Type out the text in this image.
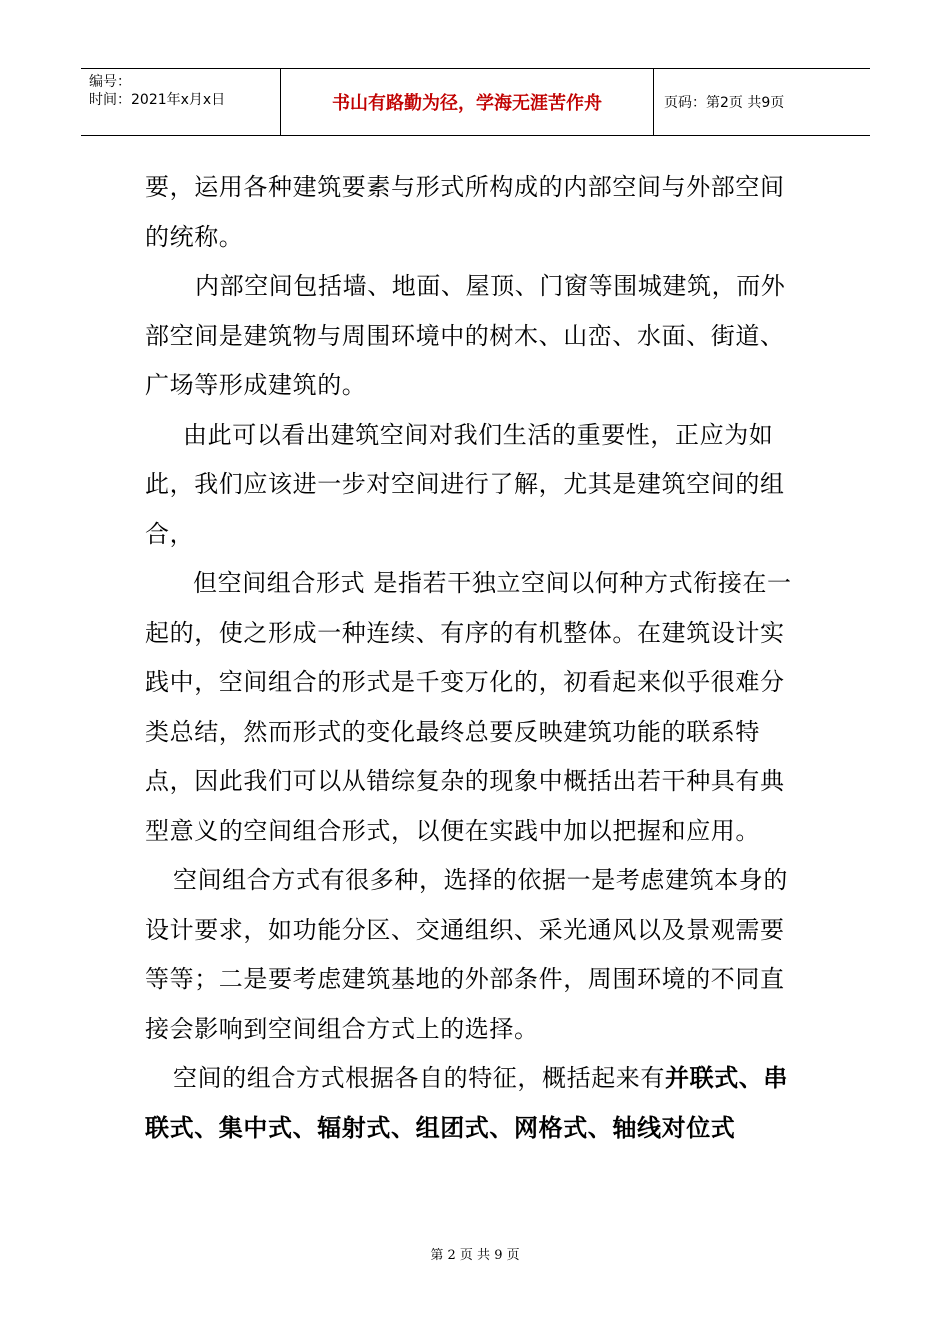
编号：
时间：2021年x月x日	书山有路勤为径，学海无涯苦作舟	页码：第2页 共9页

要，运用各种建筑要素与形式所构成的内部空间与外部空间的统称。

内部空间包括墙、地面、屋顶、门窗等围城建筑，而外部空间是建筑物与周围环境中的树木、山峦、水面、街道、广场等形成建筑的。

由此可以看出建筑空间对我们生活的重要性，正应为如此，我们应该进一步对空间进行了解，尤其是建筑空间的组合，

但空间组合形式 是指若干独立空间以何种方式衔接在一起的，使之形成一种连续、有序的有机整体。在建筑设计实践中，空间组合的形式是千变万化的，初看起来似乎很难分类总结，然而形式的变化最终总要反映建筑功能的联系特点，因此我们可以从错综复杂的现象中概括出若干种具有典型意义的空间组合形式，以便在实践中加以把握和应用。

空间组合方式有很多种，选择的依据一是考虑建筑本身的设计要求，如功能分区、交通组织、采光通风以及景观需要等等；二是要考虑建筑基地的外部条件，周围环境的不同直接会影响到空间组合方式上的选择。

空间的组合方式根据各自的特征，概括起来有并联式、串联式、集中式、辐射式、组团式、网格式、轴线对位式

第 2 页 共 9 页
